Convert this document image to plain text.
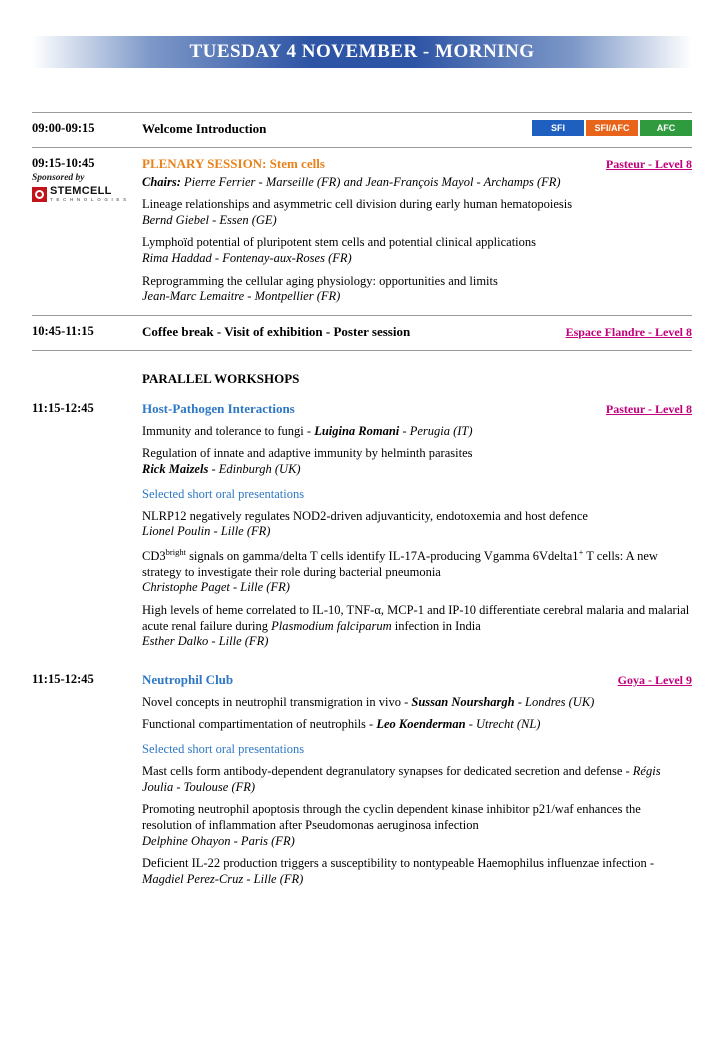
TUESDAY 4 NOVEMBER - MORNING
SFI	SFI/AFC	AFC
09:00-09:15	Welcome Introduction
09:15-10:45
Sponsored by
STEMCELL
T E C H N O L O G I E S
PLENARY SESSION: Stem cells	Pasteur - Level 8
Chairs: Pierre Ferrier - Marseille (FR) and Jean-François Mayol - Archamps (FR)
Lineage relationships and asymmetric cell division during early human hematopoiesis
Bernd Giebel - Essen (GE)
Lymphoïd potential of pluripotent stem cells and potential clinical applications
Rima Haddad - Fontenay-aux-Roses (FR)
Reprogramming the cellular aging physiology: opportunities and limits
Jean-Marc Lemaitre - Montpellier (FR)
10:45-11:15	Coffee break - Visit of exhibition - Poster session	Espace Flandre - Level 8
PARALLEL WORKSHOPS
11:15-12:45	Host-Pathogen Interactions	Pasteur - Level 8
Immunity and tolerance to fungi - Luigina Romani - Perugia (IT)
Regulation of innate and adaptive immunity by helminth parasites
Rick Maizels - Edinburgh (UK)
Selected short oral presentations
NLRP12 negatively regulates NOD2-driven adjuvanticity, endotoxemia and host defence
Lionel Poulin - Lille (FR)
$CD3^{bright}$ signals on gamma/delta T cells identify IL-17A-producing Vgamma 6Vdelta1+ T cells: A new strategy to investigate their role during bacterial pneumonia
Christophe Paget - Lille (FR)
High levels of heme correlated to IL-10, TNF-α, MCP-1 and IP-10 differentiate cerebral malaria and malarial acute renal failure during Plasmodium falciparum infection in India
Esther Dalko - Lille (FR)
11:15-12:45	Neutrophil Club	Goya - Level 9
Novel concepts in neutrophil transmigration in vivo - Sussan Nourshargh - Londres (UK)
Functional compartimentation of neutrophils - Leo Koenderman - Utrecht (NL)
Selected short oral presentations
Mast cells form antibody-dependent degranulatory synapses for dedicated secretion and defense - Régis Joulia - Toulouse (FR)
Promoting neutrophil apoptosis through the cyclin dependent kinase inhibitor p21/waf enhances the resolution of inflammation after Pseudomonas aeruginosa infection
Delphine Ohayon - Paris (FR)
Deficient IL-22 production triggers a susceptibility to nontypeable Haemophilus influenzae infection - Magdiel Perez-Cruz - Lille (FR)
